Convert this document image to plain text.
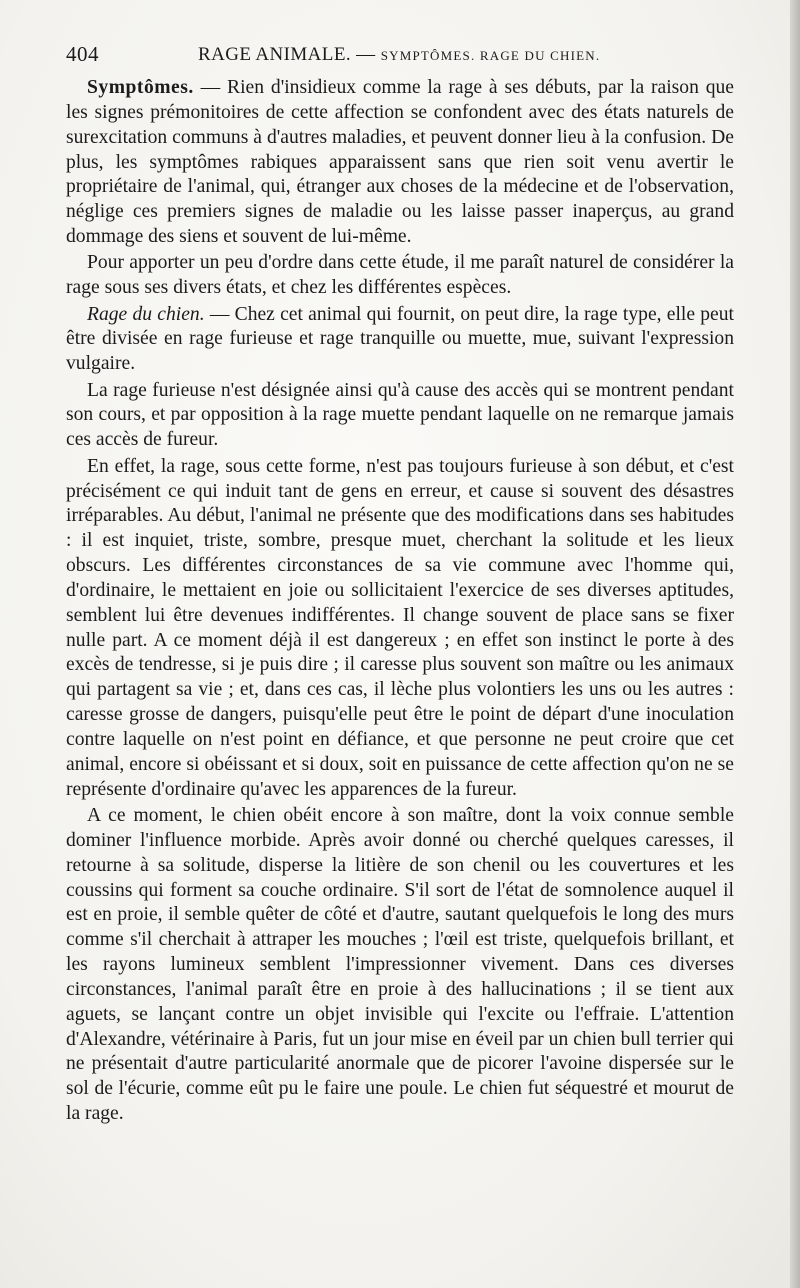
404	RAGE ANIMALE. — SYMPTÔMES. RAGE DU CHIEN.

Symptômes. — Rien d'insidieux comme la rage à ses débuts, par la raison que les signes prémonitoires de cette affection se confondent avec des états naturels de surexcitation communs à d'autres maladies, et peuvent donner lieu à la confusion. De plus, les symptômes rabiques apparaissent sans que rien soit venu avertir le propriétaire de l'animal, qui, étranger aux choses de la médecine et de l'observation, néglige ces premiers signes de maladie ou les laisse passer inaperçus, au grand dommage des siens et souvent de lui-même.

Pour apporter un peu d'ordre dans cette étude, il me paraît naturel de considérer la rage sous ses divers états, et chez les différentes espèces.

Rage du chien. — Chez cet animal qui fournit, on peut dire, la rage type, elle peut être divisée en rage furieuse et rage tranquille ou muette, mue, suivant l'expression vulgaire.

La rage furieuse n'est désignée ainsi qu'à cause des accès qui se montrent pendant son cours, et par opposition à la rage muette pendant laquelle on ne remarque jamais ces accès de fureur.

En effet, la rage, sous cette forme, n'est pas toujours furieuse à son début, et c'est précisément ce qui induit tant de gens en erreur, et cause si souvent des désastres irréparables. Au début, l'animal ne présente que des modifications dans ses habitudes : il est inquiet, triste, sombre, presque muet, cherchant la solitude et les lieux obscurs. Les différentes circonstances de sa vie commune avec l'homme qui, d'ordinaire, le mettaient en joie ou sollicitaient l'exercice de ses diverses aptitudes, semblent lui être devenues indifférentes. Il change souvent de place sans se fixer nulle part. A ce moment déjà il est dangereux ; en effet son instinct le porte à des excès de tendresse, si je puis dire ; il caresse plus souvent son maître ou les animaux qui partagent sa vie ; et, dans ces cas, il lèche plus volontiers les uns ou les autres : caresse grosse de dangers, puisqu'elle peut être le point de départ d'une inoculation contre laquelle on n'est point en défiance, et que personne ne peut croire que cet animal, encore si obéissant et si doux, soit en puissance de cette affection qu'on ne se représente d'ordinaire qu'avec les apparences de la fureur.

A ce moment, le chien obéit encore à son maître, dont la voix connue semble dominer l'influence morbide. Après avoir donné ou cherché quelques caresses, il retourne à sa solitude, disperse la litière de son chenil ou les couvertures et les coussins qui forment sa couche ordinaire. S'il sort de l'état de somnolence auquel il est en proie, il semble quêter de côté et d'autre, sautant quelquefois le long des murs comme s'il cherchait à attraper les mouches ; l'œil est triste, quelquefois brillant, et les rayons lumineux semblent l'impressionner vivement. Dans ces diverses circonstances, l'animal paraît être en proie à des hallucinations ; il se tient aux aguets, se lançant contre un objet invisible qui l'excite ou l'effraie. L'attention d'Alexandre, vétérinaire à Paris, fut un jour mise en éveil par un chien bull terrier qui ne présentait d'autre particularité anormale que de picorer l'avoine dispersée sur le sol de l'écurie, comme eût pu le faire une poule. Le chien fut séquestré et mourut de la rage.
